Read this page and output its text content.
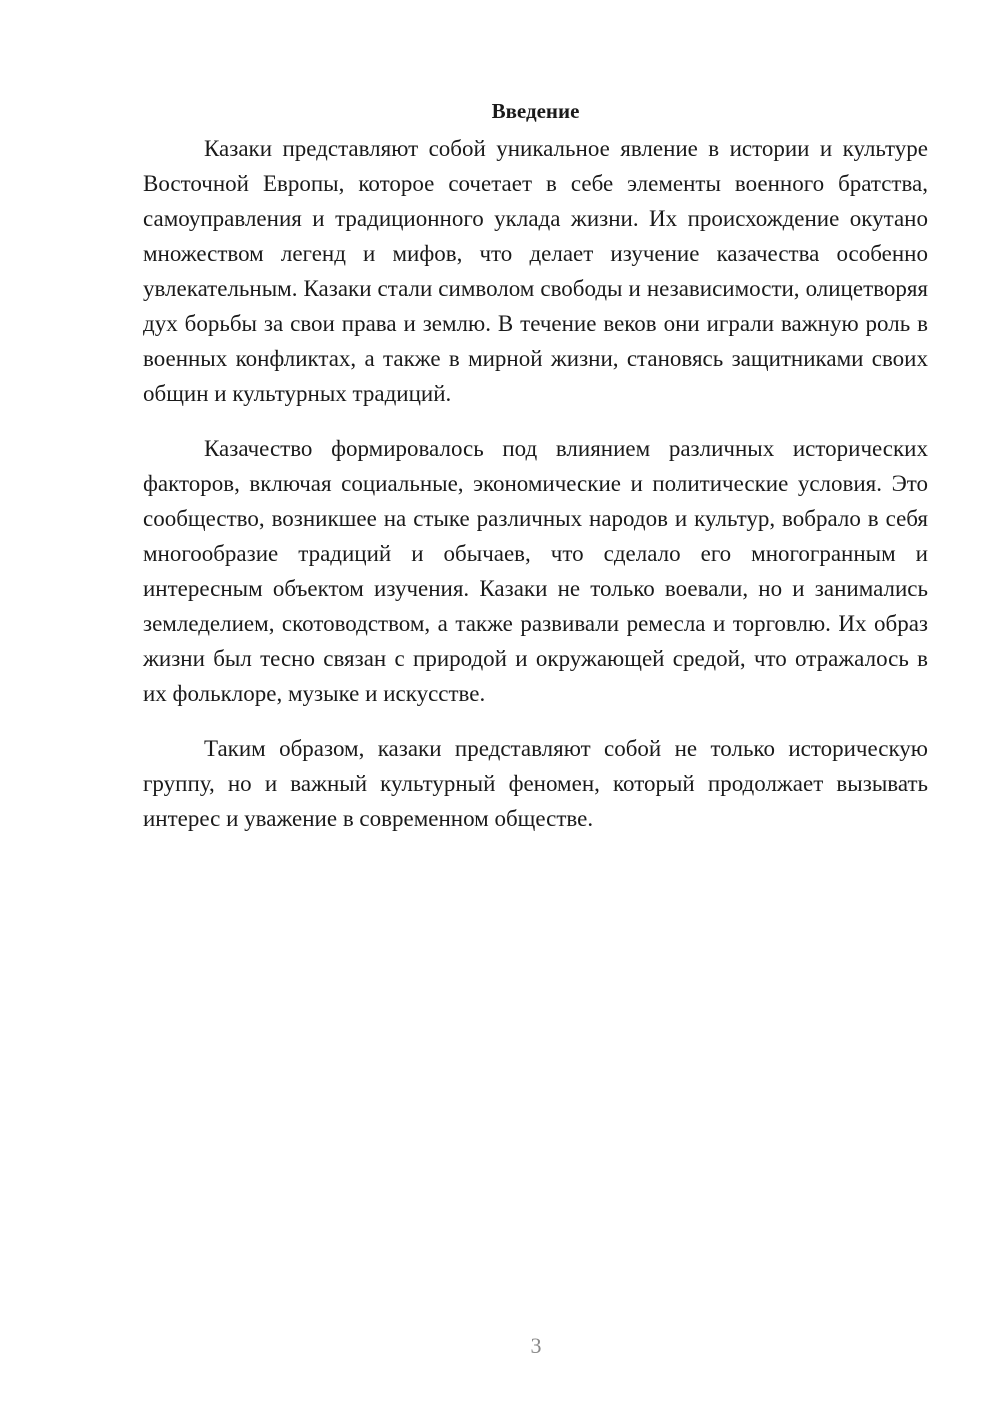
Введение

Казаки представляют собой уникальное явление в истории и культуре Восточной Европы, которое сочетает в себе элементы военного братства, самоуправления и традиционного уклада жизни. Их происхождение окутано множеством легенд и мифов, что делает изучение казачества особенно увлекательным. Казаки стали символом свободы и независимости, олицетворяя дух борьбы за свои права и землю. В течение веков они играли важную роль в военных конфликтах, а также в мирной жизни, становясь защитниками своих общин и культурных традиций.

Казачество формировалось под влиянием различных исторических факторов, включая социальные, экономические и политические условия. Это сообщество, возникшее на стыке различных народов и культур, вобрало в себя многообразие традиций и обычаев, что сделало его многогранным и интересным объектом изучения. Казаки не только воевали, но и занимались земледелием, скотоводством, а также развивали ремесла и торговлю. Их образ жизни был тесно связан с природой и окружающей средой, что отражалось в их фольклоре, музыке и искусстве.

Таким образом, казаки представляют собой не только историческую группу, но и важный культурный феномен, который продолжает вызывать интерес и уважение в современном обществе.

3
